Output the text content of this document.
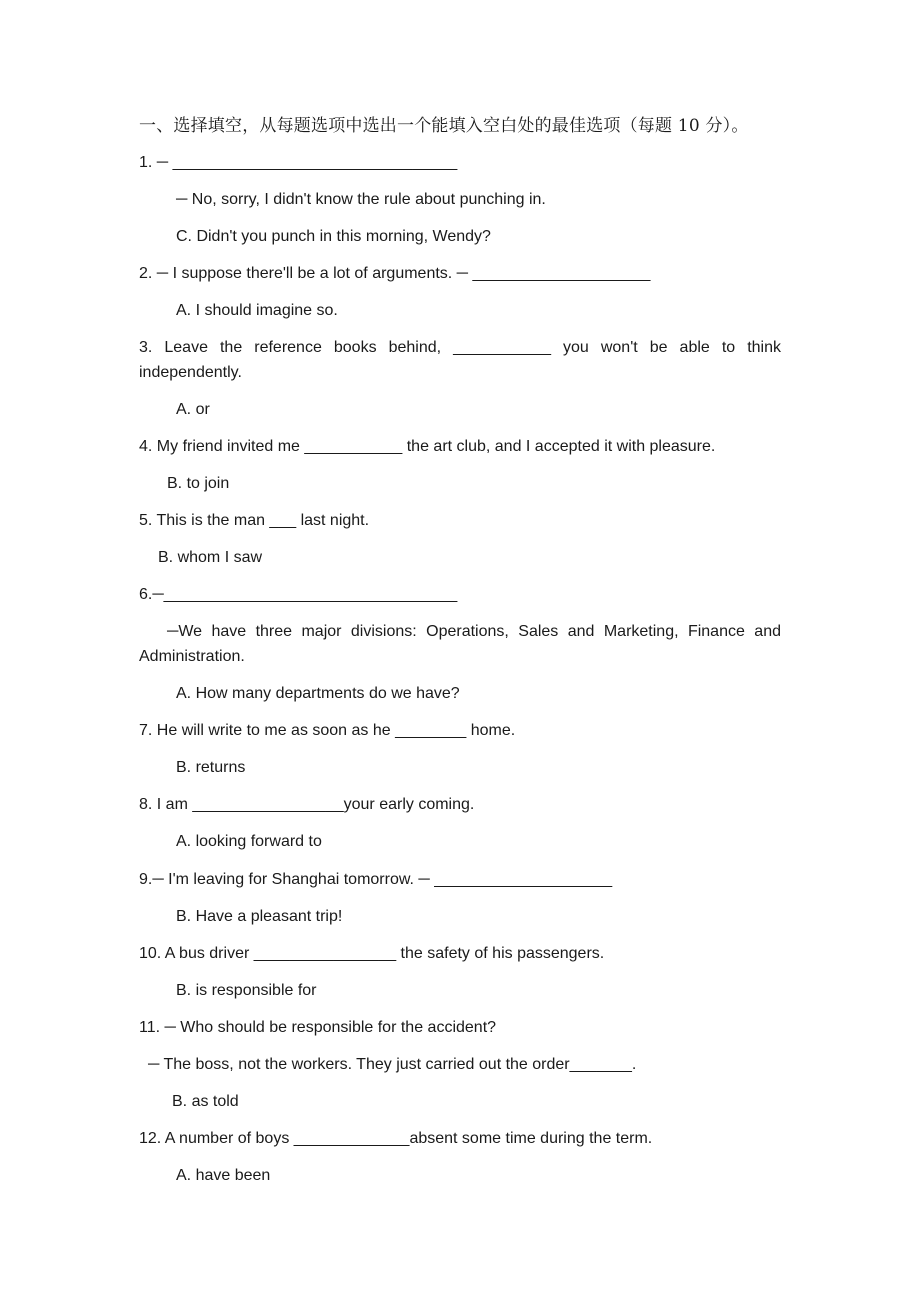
一、选择填空，从每题选项中选出一个能填入空白处的最佳选项（每题 10 分）。
1. ─ ________________________________
─ No, sorry, I didn't know the rule about punching in.
C. Didn't you punch in this morning, Wendy?
2. ─ I suppose there'll be a lot of arguments. ─ ____________________
A. I should imagine so.
3. Leave the reference books behind, ___________ you won't be able to think
independently.
A. or
4. My friend invited me ___________ the art club, and I accepted it with pleasure.
B. to join
5. This is the man ___ last night.
B. whom I saw
6.─_________________________________
─We have three major divisions: Operations, Sales and Marketing, Finance and
Administration.
A. How many departments do we have?
7. He will write to me as soon as he ________ home.
B. returns
8. I am _________________your early coming.
A. looking forward to
9.─ I'm leaving for Shanghai tomorrow. ─ ____________________
B. Have a pleasant trip!
10. A bus driver ________________ the safety of his passengers.
B. is responsible for
11. ─ Who should be responsible for the accident?
─ The boss, not the workers. They just carried out the order_______.
B. as told
12. A number of boys _____________absent some time during the term.
A. have been
